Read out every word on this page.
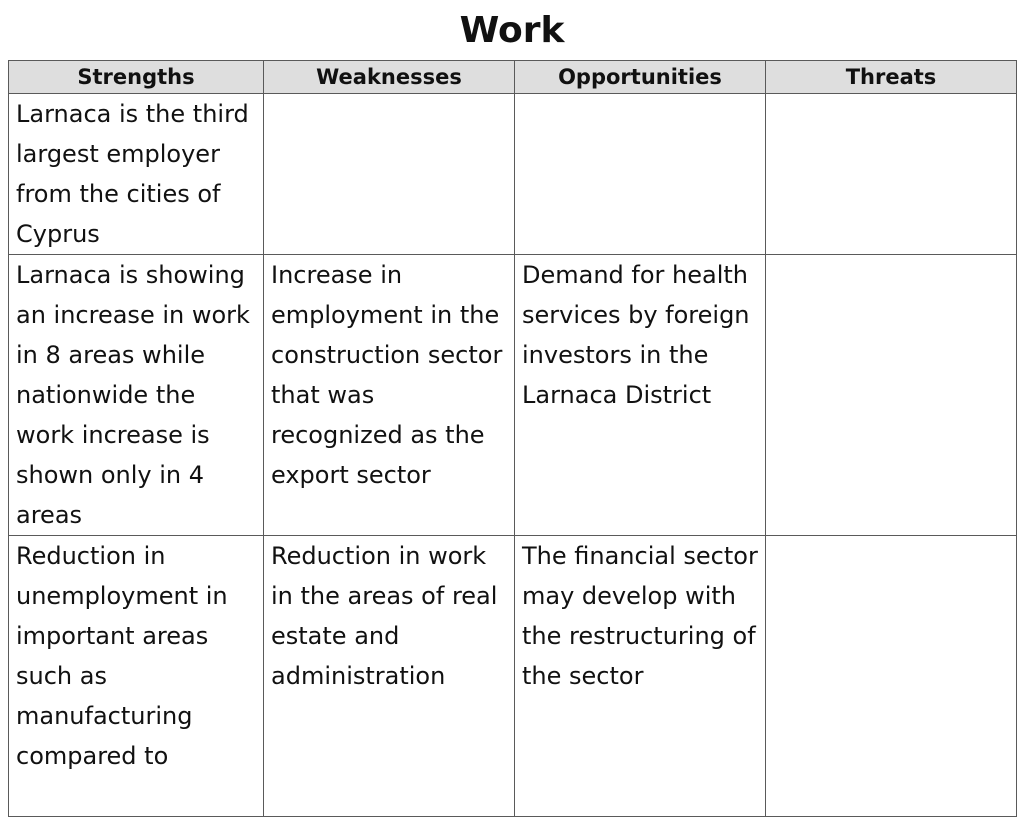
Work
Strengths	Weaknesses	Opportunities	Threats
Larnaca is the third largest employer from the cities of Cyprus			
Larnaca is showing an increase in work in 8 areas while nationwide the work increase is shown only in 4 areas	Increase in employment in the construction sector that was recognized as the export sector	Demand for health services by foreign investors in the Larnaca District	
Reduction in unemployment in important areas such as manufacturing compared to	Reduction in work in the areas of real estate and administration	The financial sector may develop with the restructuring of the sector	
